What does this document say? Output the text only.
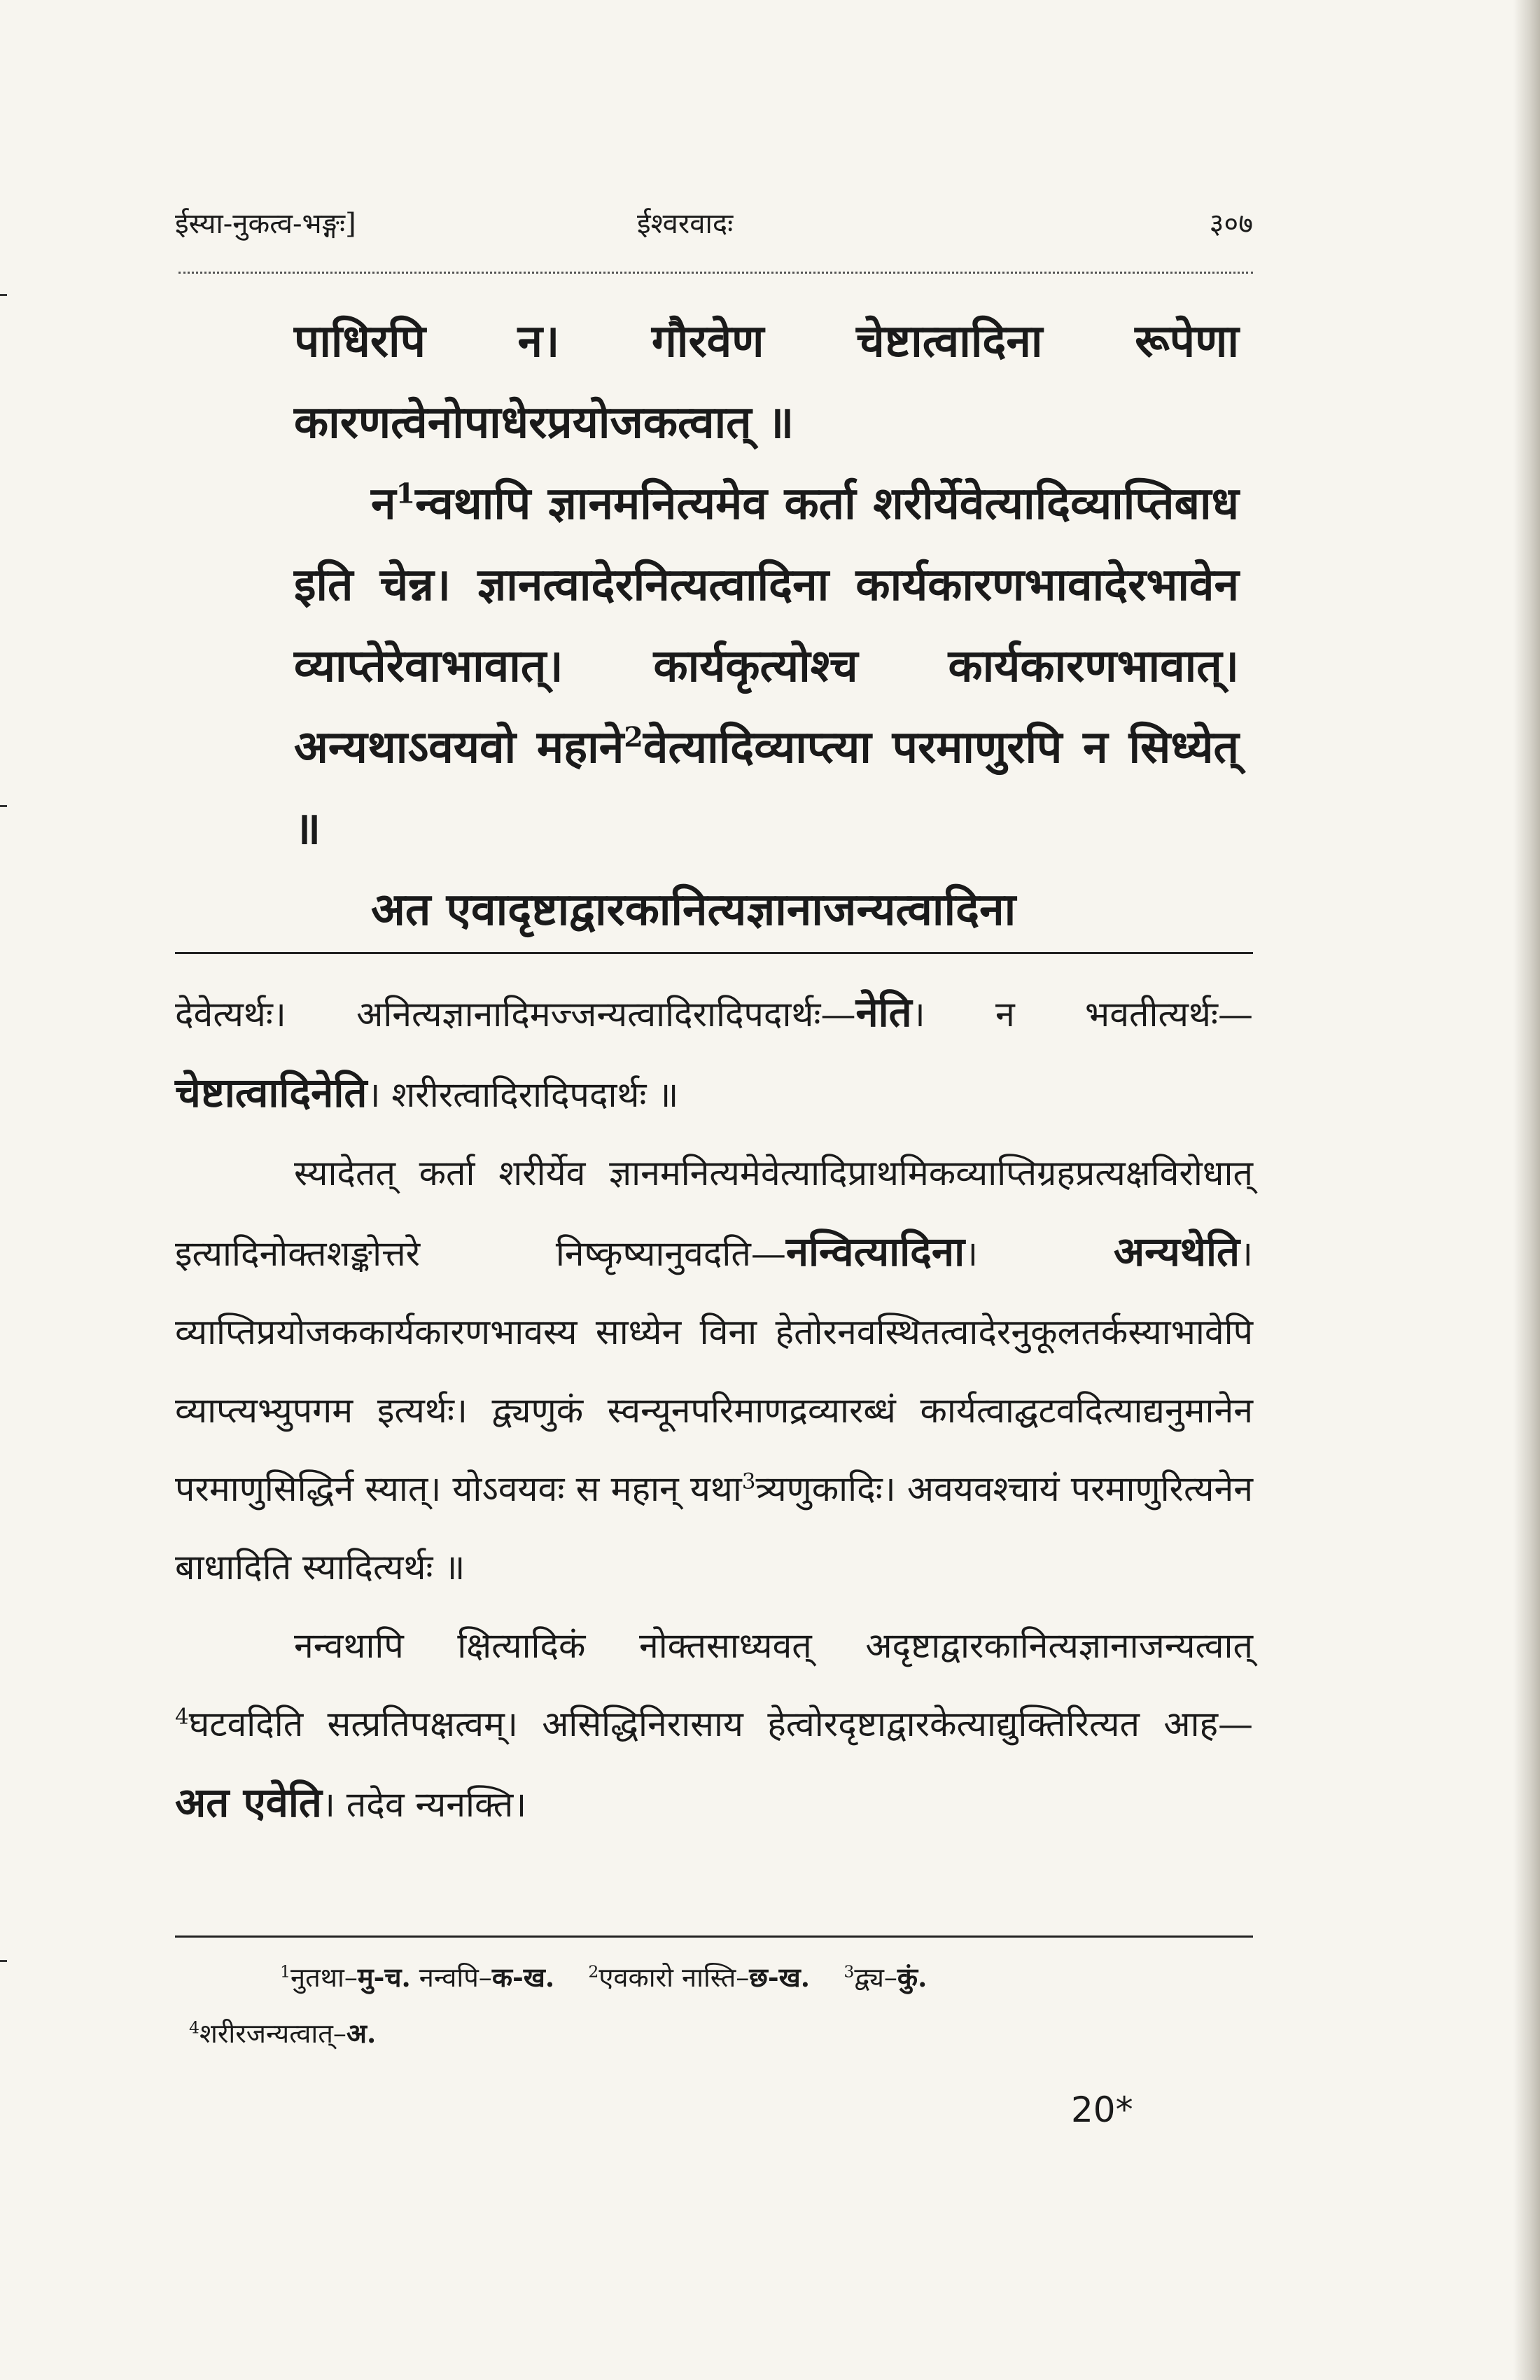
ईस्या-नुकत्व-भङ्गः]	ईश्वरवादः	३०७

पाधिरपि न। गौरवेण चेष्टात्वादिना रूपेणा कारणत्वेनोपाधेरप्रयोजकत्वात् ॥

न$^1$न्वथापि ज्ञानमनित्यमेव कर्ता शरीर्येवेत्यादिव्याप्तिबाध इति चेन्न। ज्ञानत्वादेरनित्यत्वादिना कार्यकारणभावादेरभावेन व्याप्तेरेवाभावात्। कार्यकृत्योश्च कार्यकारणभावात्। अन्यथाऽवयवो महाने$^2$वेत्यादिव्याप्त्या परमाणुरपि न सिध्येत् ॥

अत एवादृष्टाद्वारकानित्यज्ञानाजन्यत्वादिना

देवेत्यर्थः। अनित्यज्ञानादिमज्जन्यत्वादिरादिपदार्थः—नेति। न भवतीत्यर्थः—चेष्टात्वादिनेति। शरीरत्वादिरादिपदार्थः ॥

स्यादेतत् कर्ता शरीर्येव ज्ञानमनित्यमेवेत्यादिप्राथमिकव्याप्तिग्रहप्रत्यक्षविरोधात् इत्यादिनोक्तशङ्कोत्तरे निष्कृष्यानुवदति—नन्वित्यादिना।	अन्यथेति। व्याप्तिप्रयोजककार्यकारणभावस्य साध्येन विना हेतोरनवस्थितत्वादेरनुकूलतर्कस्याभावेपि व्याप्त्यभ्युपगम इत्यर्थः। द्व्यणुकं स्वन्यूनपरिमाणद्रव्यारब्धं कार्यत्वाद्घटवदित्याद्यनुमानेन परमाणुसिद्धिर्न स्यात्। योऽवयवः स महान् यथा$^3$त्र्यणुकादिः। अवयवश्चायं परमाणुरित्यनेन बाधादिति स्यादित्यर्थः ॥

नन्वथापि क्षित्यादिकं नोक्तसाध्यवत् अदृष्टाद्वारकानित्यज्ञानाजन्यत्वात् $^4$घटवदिति सत्प्रतिपक्षत्वम्। असिद्धिनिरासाय हेत्वोरदृष्टाद्वारकेत्याद्युक्तिरित्यत आह—अत एवेति। तदेव न्यनक्ति।

$^1$नुतथा–मु-च. नन्वपि–क-ख. $^2$एवकारो नास्ति–छ-ख. $^3$द्व्य–कुं.

$^4$शरीरजन्यत्वात्–अ.

20*
